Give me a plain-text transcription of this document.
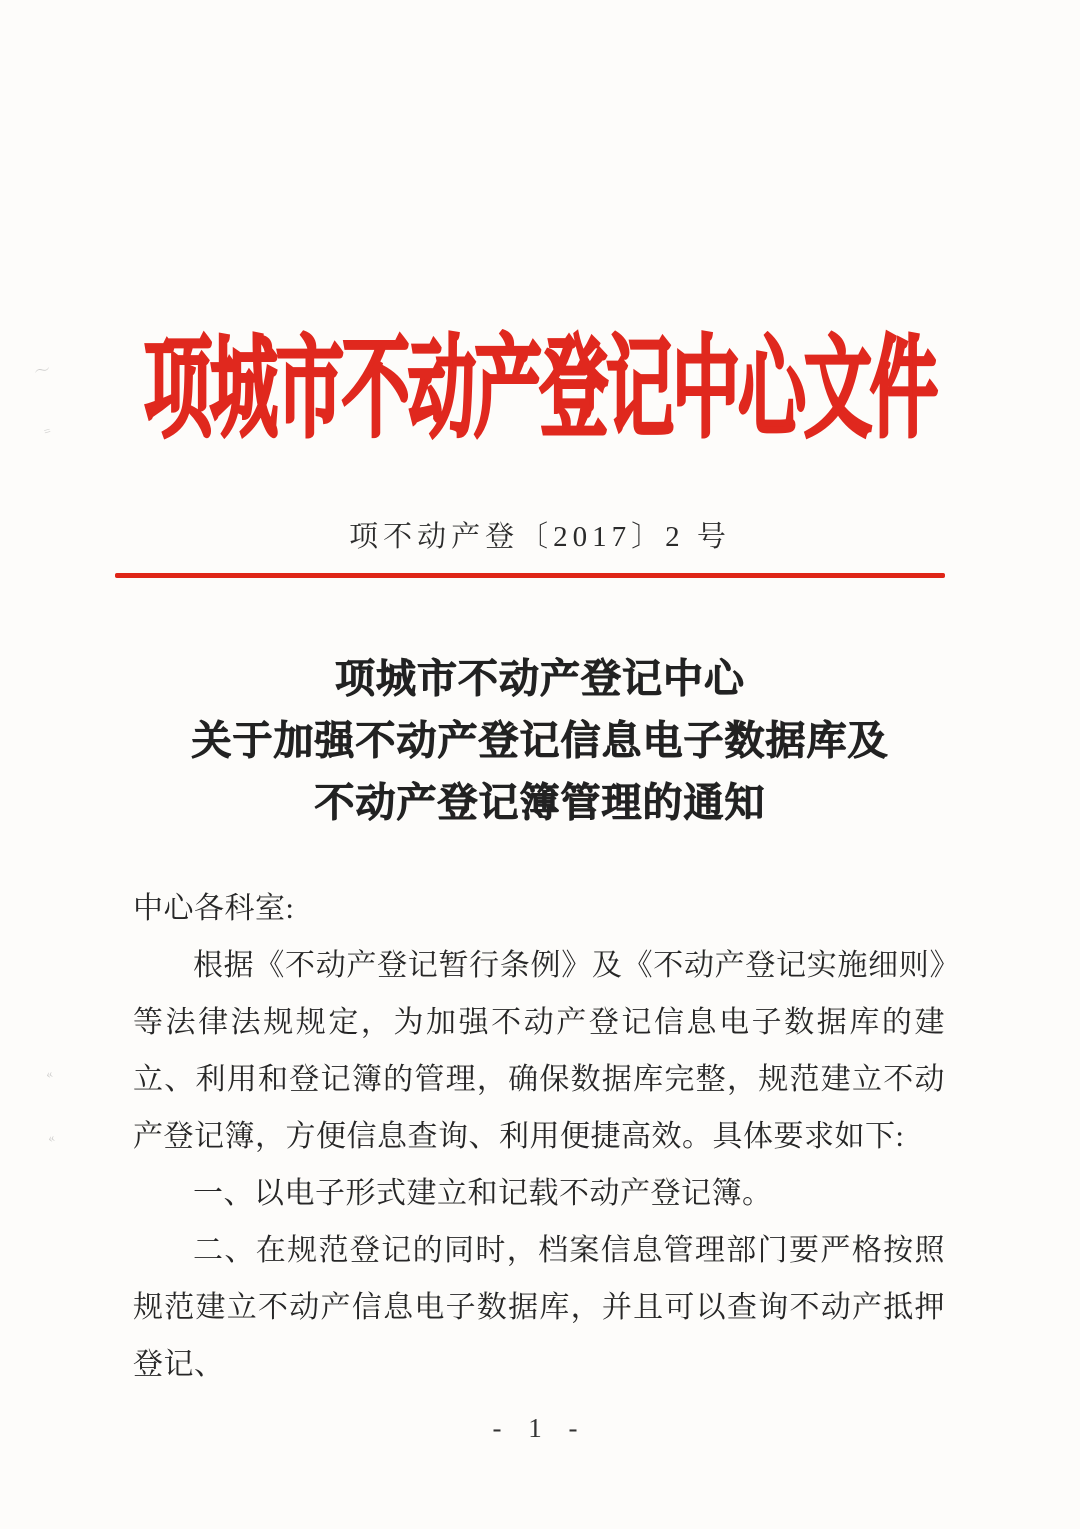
〜
=
«
«
项城市不动产登记中心文件
项不动产登〔2017〕2 号
项城市不动产登记中心
关于加强不动产登记信息电子数据库及
不动产登记簿管理的通知

中心各科室:

根据《不动产登记暂行条例》及《不动产登记实施细则》等法律法规规定，为加强不动产登记信息电子数据库的建立、利用和登记簿的管理，确保数据库完整，规范建立不动产登记簿，方便信息查询、利用便捷高效。具体要求如下:

一、以电子形式建立和记载不动产登记簿。

二、在规范登记的同时，档案信息管理部门要严格按照规范建立不动产信息电子数据库，并且可以查询不动产抵押登记、

- 1 -
